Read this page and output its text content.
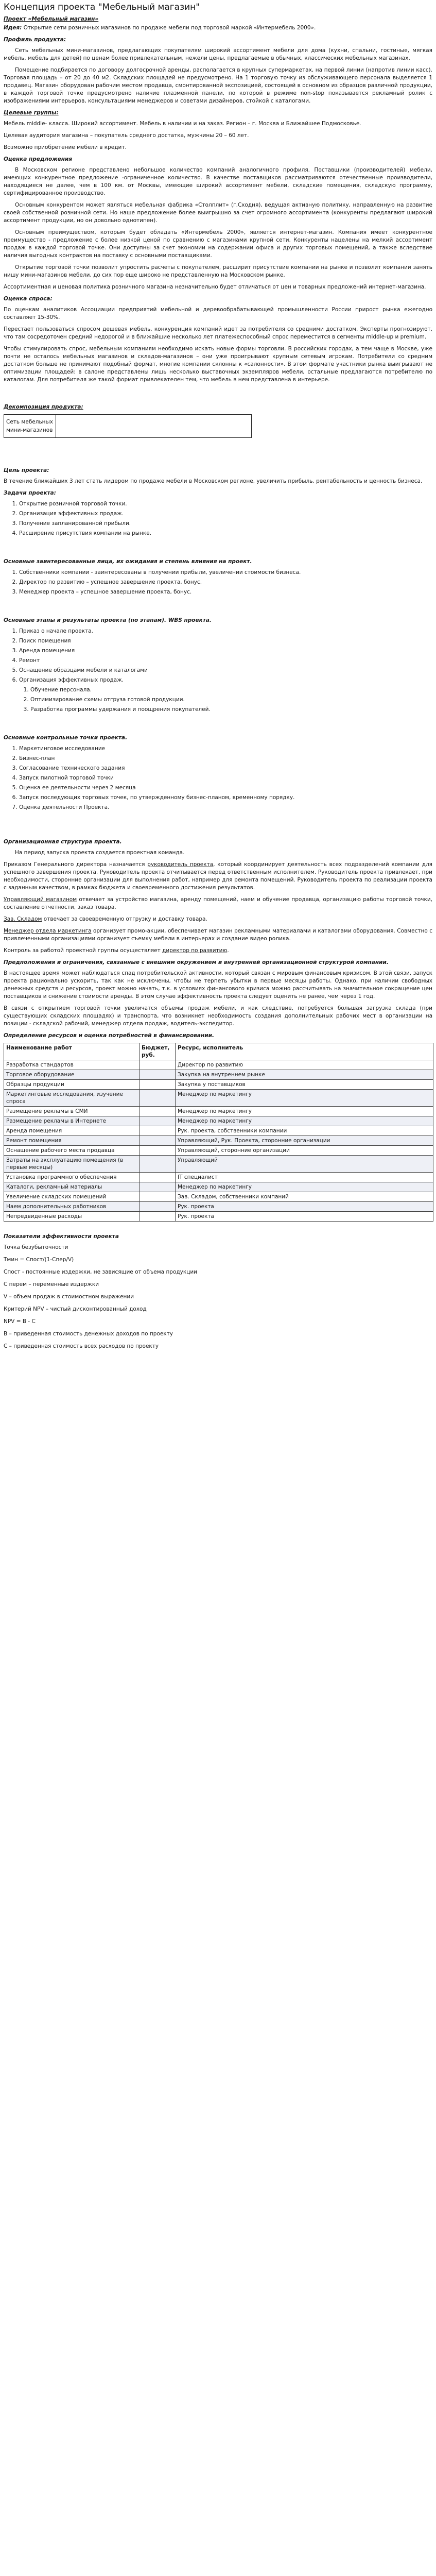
Концепция проекта "Мебельный магазин"
Проект «Мебельный магазин»
Идея: Открытие сети розничных магазинов по продаже мебели под торговой маркой «Интермебель 2000».
Профиль продукта:
Сеть мебельных мини-магазинов, предлагающих покупателям широкий ассортимент мебели для дома (кухни, спальни, гостиные, мягкая мебель, мебель для детей) по ценам более привлекательным, нежели цены, предлагаемые в обычных, классических мебельных магазинах.
Помещение подбирается по договору долгосрочной аренды, располагается в крупных супермаркетах, на первой линии (напротив линии касс). Торговая площадь – от 20 до 40 м2. Складских площадей не предусмотрено. На 1 торговую точку из обслуживающего персонала выделяется 1 продавец. Магазин оборудован рабочим местом продавца, смонтированной экспозицией, состоящей в основном из образцов различной продукции, в каждой торговой точке предусмотрено наличие плазменной панели, по которой в режиме non-stop показывается рекламный ролик с изображениями интерьеров, консультациями менеджеров и советами дизайнеров, стойкой с каталогами.
Целевые группы:
Мебель middle- класса. Широкий ассортимент. Мебель в наличии и на заказ. Регион – г. Москва и Ближайшее Подмосковье.
Целевая аудитория магазина – покупатель среднего достатка, мужчины 20 – 60 лет.
Возможно приобретение мебели в кредит.
Оценка предложения
В Московском регионе представлено небольшое количество компаний аналогичного профиля. Поставщики (производителей) мебели, имеющих конкурентное предложение -ограниченное количество. В качестве поставщиков рассматриваются отечественные производители, находящиеся не далее, чем в 100 км. от Москвы, имеющие широкий ассортимент мебели, складские помещения, складскую программу, сертифицированное производство.
Основным конкурентом может являться мебельная фабрика «Столплит» (г.Сходня), ведущая активную политику, направленную на развитие своей собственной розничной сети. Но наше предложение более выигрышно за счет огромного ассортимента (конкуренты предлагают широкий ассортимент продукции, но он довольно однотипен).
Основным преимуществом, которым будет обладать «Интермебель 2000», является интернет-магазин. Компания имеет конкурентное преимущество - предложение с более низкой ценой по сравнению с магазинами крупной сети. Конкуренты нацелены на мелкий ассортимент продаж в каждой торговой точке. Они доступны за счет экономии на содержании офиса и других торговых помещений, а также вследствие наличия выгодных контрактов на поставку с основными поставщиками.
Открытие торговой точки позволит упростить расчеты с покупателем, расширит присутствие компании на рынке и позволит компании занять нишу мини-магазинов мебели, до сих пор еще широко не представленную на Московском рынке.
Ассортиментная и ценовая политика розничного магазина незначительно будет отличаться от цен и товарных предложений интернет-магазина.
Оценка спроса:
По оценкам аналитиков Ассоциации предприятий мебельной и деревообрабатывающей промышленности России прирост рынка ежегодно составляет 15-30%.
Перестает пользоваться спросом дешевая мебель, конкуренция компаний идет за потребителя со средними достатком. Эксперты прогнозируют, что там сосредоточен средний недорогой и в ближайшие несколько лет платежеспособный спрос переместится в сегменты middle-up и premium.
Чтобы стимулировать спрос, мебельным компаниям необходимо искать новые формы торговли. В российских городах, а тем чаще в Москве, уже почти не осталось мебельных магазинов и складов-магазинов – они уже проигрывают крупным сетевым игрокам. Потребители со средним достатком больше не принимают подобный формат, многие компании склонны к «салонности». В этом формате участники рынка выигрывают не оптимизации площадей: в салоне представлены лишь несколько выставочных экземпляров мебели, остальные предлагаются потребителю по каталогам. Для потребителя же такой формат привлекателен тем, что мебель в нем представлена в интерьере.
Декомпозиция продукта:
Сеть мебельных мини-магазинов
Цель проекта:
В течение ближайших 3 лет стать лидером по продаже мебели в Московском регионе, увеличить прибыль, рентабельность и ценность бизнеса.
Задачи проекта:
1. Открытие розничной торговой точки.
2. Организация эффективных продаж.
3. Получение запланированной прибыли.
4. Расширение присутствия компании на рынке.
Основные заинтересованные лица, их ожидания и степень влияния на проект.
1. Собственники компании - заинтересованы в получении прибыли, увеличении стоимости бизнеса.
2. Директор по развитию – успешное завершение проекта, бонус.
3. Менеджер проекта – успешное завершение проекта, бонус.
Основные этапы и результаты проекта (по этапам). WBS проекта.
1. Приказ о начале проекта.
2. Поиск помещения
3. Аренда помещения
4. Ремонт
5. Оснащение образцами мебели и каталогами
6. Организация эффективных продаж.
1. Обучение персонала.
2. Оптимизирование схемы отгруза готовой продукции.
3. Разработка программы удержания и поощрения покупателей.
Основные контрольные точки проекта.
1. Маркетинговое исследование
2. Бизнес-план
3. Согласование технического задания
4. Запуск пилотной торговой точки
5. Оценка ее деятельности через 2 месяца
6. Запуск последующих торговых точек, по утвержденному бизнес-планом, временному порядку.
7. Оценка деятельности Проекта.
Организационная структура проекта.
На период запуска проекта создается проектная команда.
Приказом Генерального директора назначается руководитель проекта, который координирует деятельность всех подразделений компании для успешного завершения проекта. Руководитель проекта отчитывается перед ответственным исполнителем. Руководитель проекта привлекает, при необходимости, сторонние организации для выполнения работ, например для ремонта помещений. Руководитель проекта по реализации проекта с заданным качеством, в рамках бюджета и своевременного достижения результатов.
Управляющий магазином отвечает за устройство магазина, аренду помещений, наем и обучение продавца, организацию работы торговой точки, составление отчетности, заказ товара.
Зав. Складом отвечает за своевременную отгрузку и доставку товара.
Менеджер отдела маркетинга организует промо-акции, обеспечивает магазин рекламными материалами и каталогами оборудования. Совместно с привлеченными организациями организует съемку мебели в интерьерах и создание видео ролика.
Контроль за работой проектной группы осуществляет директор по развитию.
Предположения и ограничения, связанные с внешним окружением и внутренней организационной структурой компании.
В настоящее время может наблюдаться спад потребительской активности, который связан с мировым финансовым кризисом. В этой связи, запуск проекта рационально ускорить, так как не исключены, чтобы не терпеть убытки в первые месяцы работы. Однако, при наличии свободных денежных средств и ресурсов, проект можно начать, т.к. в условиях финансового кризиса можно рассчитывать на значительное сокращение цен поставщиков и снижение стоимости аренды. В этом случае эффективность проекта следует оценить не ранее, чем через 1 год.
В связи с открытием торговой точки увеличатся объемы продаж мебели, и как следствие, потребуется большая загрузка склада (при существующих складских площадях) и транспорта, что возникнет необходимость создания дополнительных рабочих мест в организации на позиции - складской рабочий, менеджер отдела продаж, водитель-экспедитор.
Определение ресурсов и оценка потребностей в финансировании.
Наименование работ	Бюджет, руб.	Ресурс, исполнитель
Разработка стандартов		Директор по развитию
Торговое оборудование		Закупка на внутреннем рынке
Образцы продукции		Закупка у поставщиков
Маркетинговые исследования, изучение спроса		Менеджер по маркетингу
Размещение рекламы в СМИ		Менеджер по маркетингу
Размещение рекламы в Интернете		Менеджер по маркетингу
Аренда помещения		Рук. проекта, собственники компании
Ремонт помещения		Управляющий, Рук. Проекта, сторонние организации
Оснащение рабочего места продавца		Управляющий, сторонние организации
Затраты на эксплуатацию помещения (в первые месяцы)		Управляющий
Установка программного обеспечения		IT специалист
Каталоги, рекламный материалы		Менеджер по маркетингу
Увеличение складских помещений		Зав. Складом, собственники компаний
Наем дополнительных работников		Рук. проекта
Непредвиденные расходы		Рук. проекта
Показатели эффективности проекта
Точка безубыточности
Тмин = Спост/(1-Спер/V)
Спост - постоянные издержки, не зависящие от объема продукции
С перем – переменные издержки
V – объем продаж в стоимостном выражении
Критерий NPV – чистый дисконтированный доход
NPV = B - C
B – приведенная стоимость денежных доходов по проекту
C – приведенная стоимость всех расходов по проекту
